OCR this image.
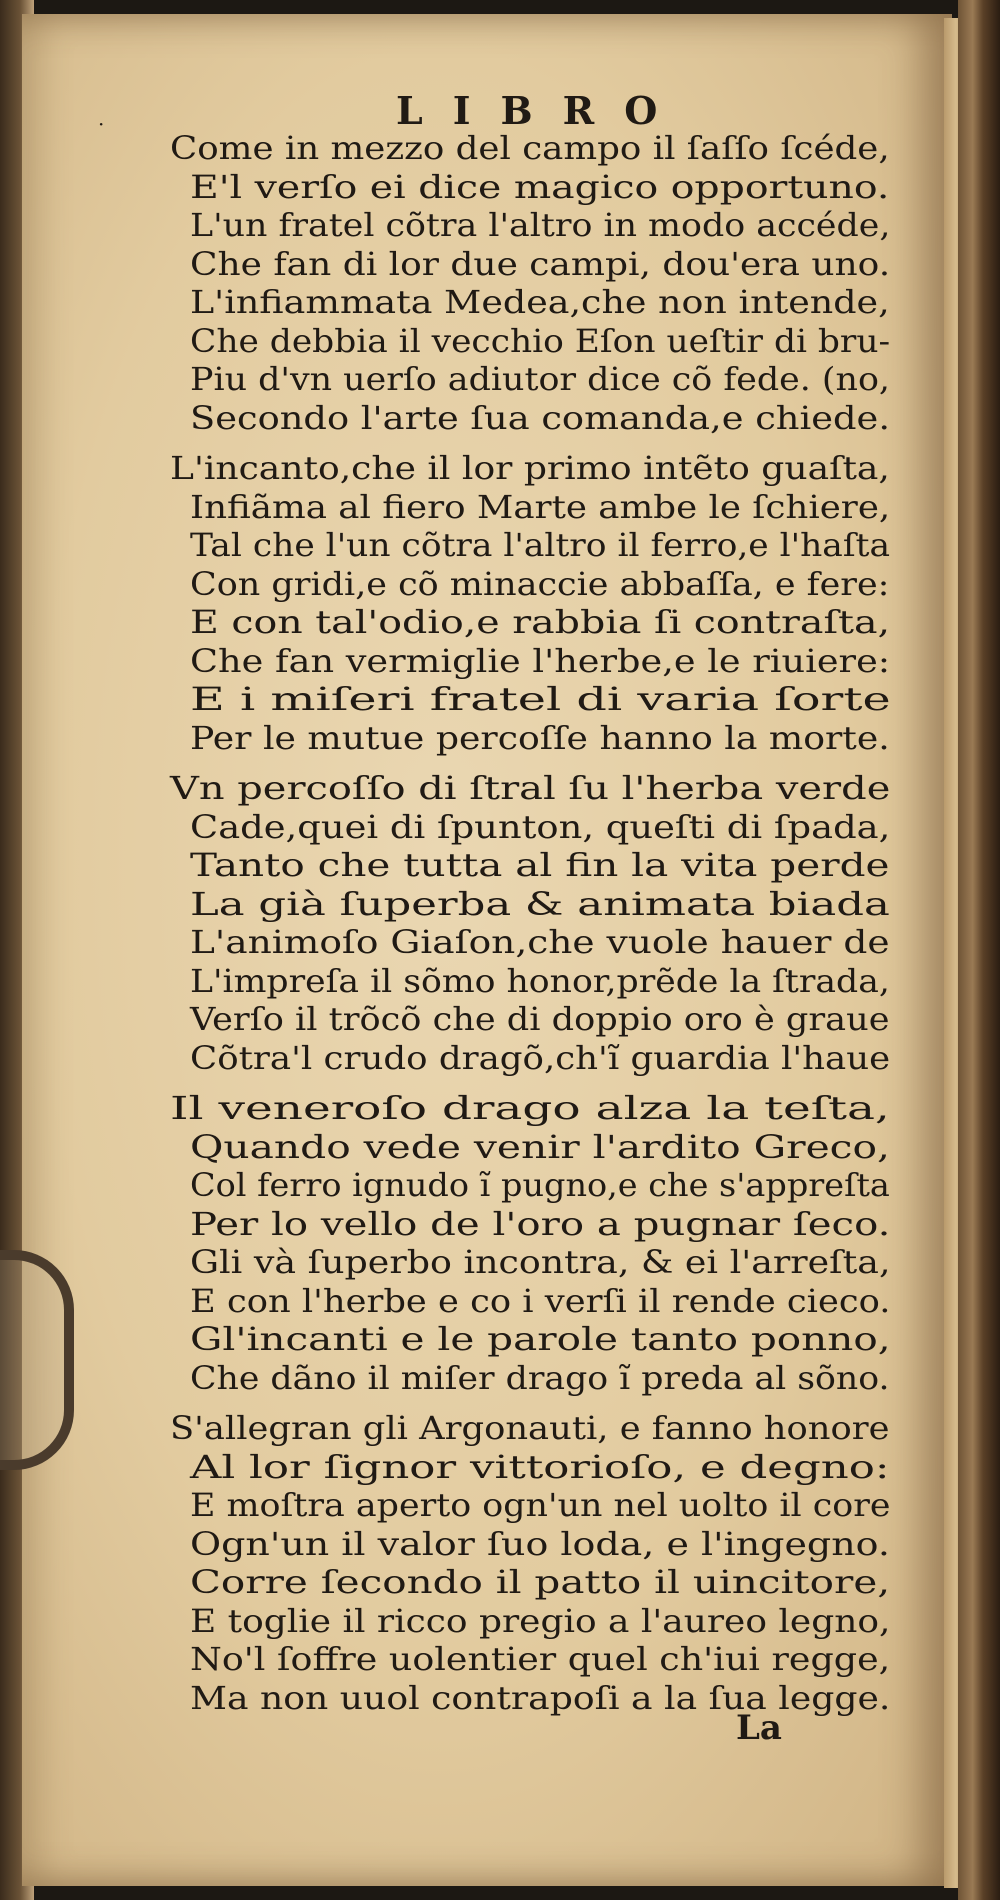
·	LIBRO

Come in mezzo del campo il ſaſſo ſcéde,

E'l verſo ei dice magico opportuno.

L'un fratel cõtra l'altro in modo accéde,

Che fan di lor due campi, dou'era uno.

L'infiammata Medea,che non intende,

Che debbia il vecchio Eſon ueſtir di bru-

Piu d'vn uerſo adiutor dice cõ fede. (no,

Secondo l'arte ſua comanda,e chiede.

L'incanto,che il lor primo intẽto guaſta,

Infiãma al fiero Marte ambe le ſchiere,

Tal che l'un cõtra l'altro il ferro,e l'haſta

Con gridi,e cõ minaccie abbaſſa, e fere:

E con tal'odio,e rabbia ſi contraſta,

Che fan vermiglie l'herbe,e le riuiere:

E i miſeri fratel di varia ſorte

Per le mutue percoſſe hanno la morte.

Vn percoſſo di ſtral ſu l'herba verde

Cade,quei di ſpunton, queſti di ſpada,

Tanto che tutta al fin la vita perde

La già ſuperba & animata biada

L'animoſo Giaſon,che vuole hauer de

L'impreſa il sõmo honor,prẽde la ſtrada,

Verſo il trõcõ che di doppio oro è graue

Cõtra'l crudo dragõ,ch'ĩ guardia l'haue

Il veneroſo drago alza la teſta,

Quando vede venir l'ardito Greco,

Col ferro ignudo ĩ pugno,e che s'appreſta

Per lo vello de l'oro a pugnar ſeco.

Gli và ſuperbo incontra, & ei l'arreſta,

E con l'herbe e co i verſi il rende cieco.

Gl'incanti e le parole tanto ponno,

Che dãno il miſer drago ĩ preda al sõno.

S'allegran gli Argonauti, e fanno honore

Al lor ſignor vittorioſo, e degno:

E moſtra aperto ogn'un nel uolto il core

Ogn'un il valor ſuo loda, e l'ingegno.

Corre ſecondo il patto il uincitore,

E toglie il ricco pregio a l'aureo legno,

No'l ſoffre uolentier quel ch'iui regge,

Ma non uuol contrapoſi a la ſua legge.

La
